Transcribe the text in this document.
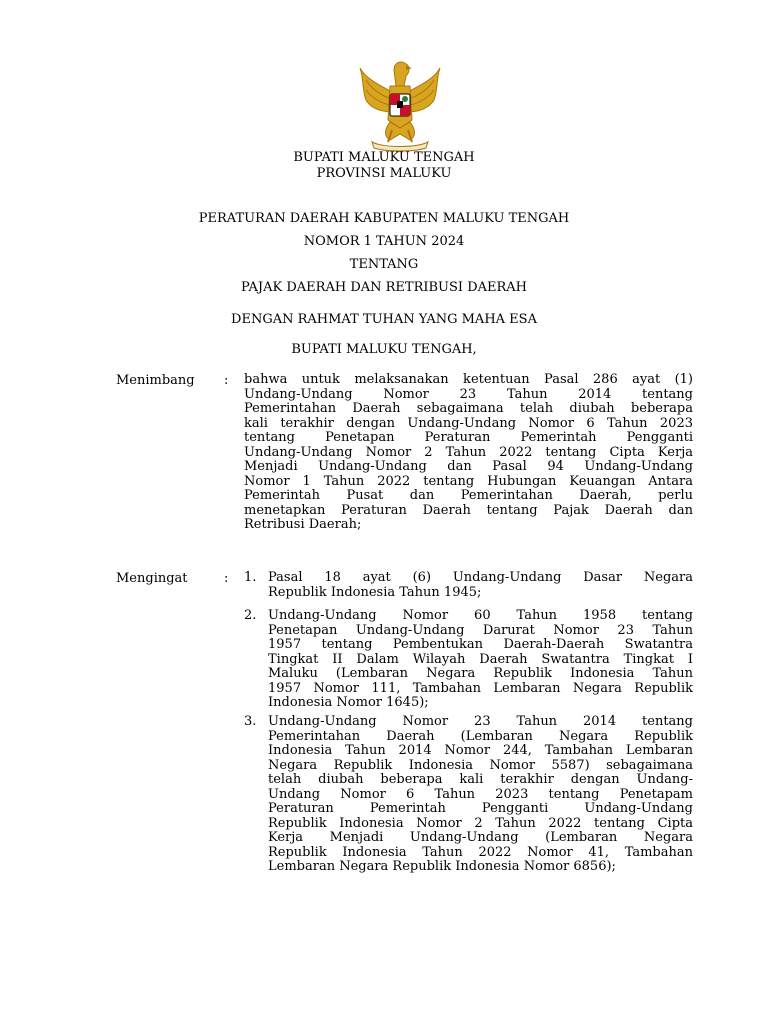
BUPATI MALUKU TENGAH
PROVINSI MALUKU
PERATURAN DAERAH KABUPATEN MALUKU TENGAH
NOMOR 1 TAHUN 2024
TENTANG
PAJAK DAERAH DAN RETRIBUSI DAERAH
DENGAN RAHMAT TUHAN YANG MAHA ESA
BUPATI MALUKU TENGAH,
Menimbang : bahwa untuk melaksanakan ketentuan Pasal 286 ayat (1)
Undang-Undang Nomor 23 Tahun 2014 tentang
Pemerintahan Daerah sebagaimana telah diubah beberapa
kali terakhir dengan Undang-Undang Nomor 6 Tahun 2023
tentang Penetapan Peraturan Pemerintah Pengganti
Undang-Undang Nomor 2 Tahun 2022 tentang Cipta Kerja
Menjadi Undang-Undang dan Pasal 94 Undang-Undang
Nomor 1 Tahun 2022 tentang Hubungan Keuangan Antara
Pemerintah Pusat dan Pemerintahan Daerah, perlu
menetapkan Peraturan Daerah tentang Pajak Daerah dan
Retribusi Daerah;
Mengingat	: 1. Pasal 18 ayat (6) Undang-Undang Dasar Negara
Republik Indonesia Tahun 1945;
2. Undang-Undang Nomor 60 Tahun 1958 tentang
Penetapan Undang-Undang Darurat Nomor 23 Tahun
1957 tentang Pembentukan Daerah-Daerah Swatantra
Tingkat II Dalam Wilayah Daerah Swatantra Tingkat I
Maluku (Lembaran Negara Republik Indonesia Tahun
1957 Nomor 111, Tambahan Lembaran Negara Republik
Indonesia Nomor 1645);
3. Undang-Undang Nomor 23 Tahun 2014 tentang
Pemerintahan Daerah (Lembaran Negara Republik
Indonesia Tahun 2014 Nomor 244, Tambahan Lembaran
Negara Republik Indonesia Nomor 5587) sebagaimana
telah diubah beberapa kali terakhir dengan Undang-
Undang Nomor 6 Tahun 2023 tentang Penetapam
Peraturan Pemerintah Pengganti Undang-Undang
Republik Indonesia Nomor 2 Tahun 2022 tentang Cipta
Kerja Menjadi Undang-Undang (Lembaran Negara
Republik Indonesia Tahun 2022 Nomor 41, Tambahan
Lembaran Negara Republik Indonesia Nomor 6856);
